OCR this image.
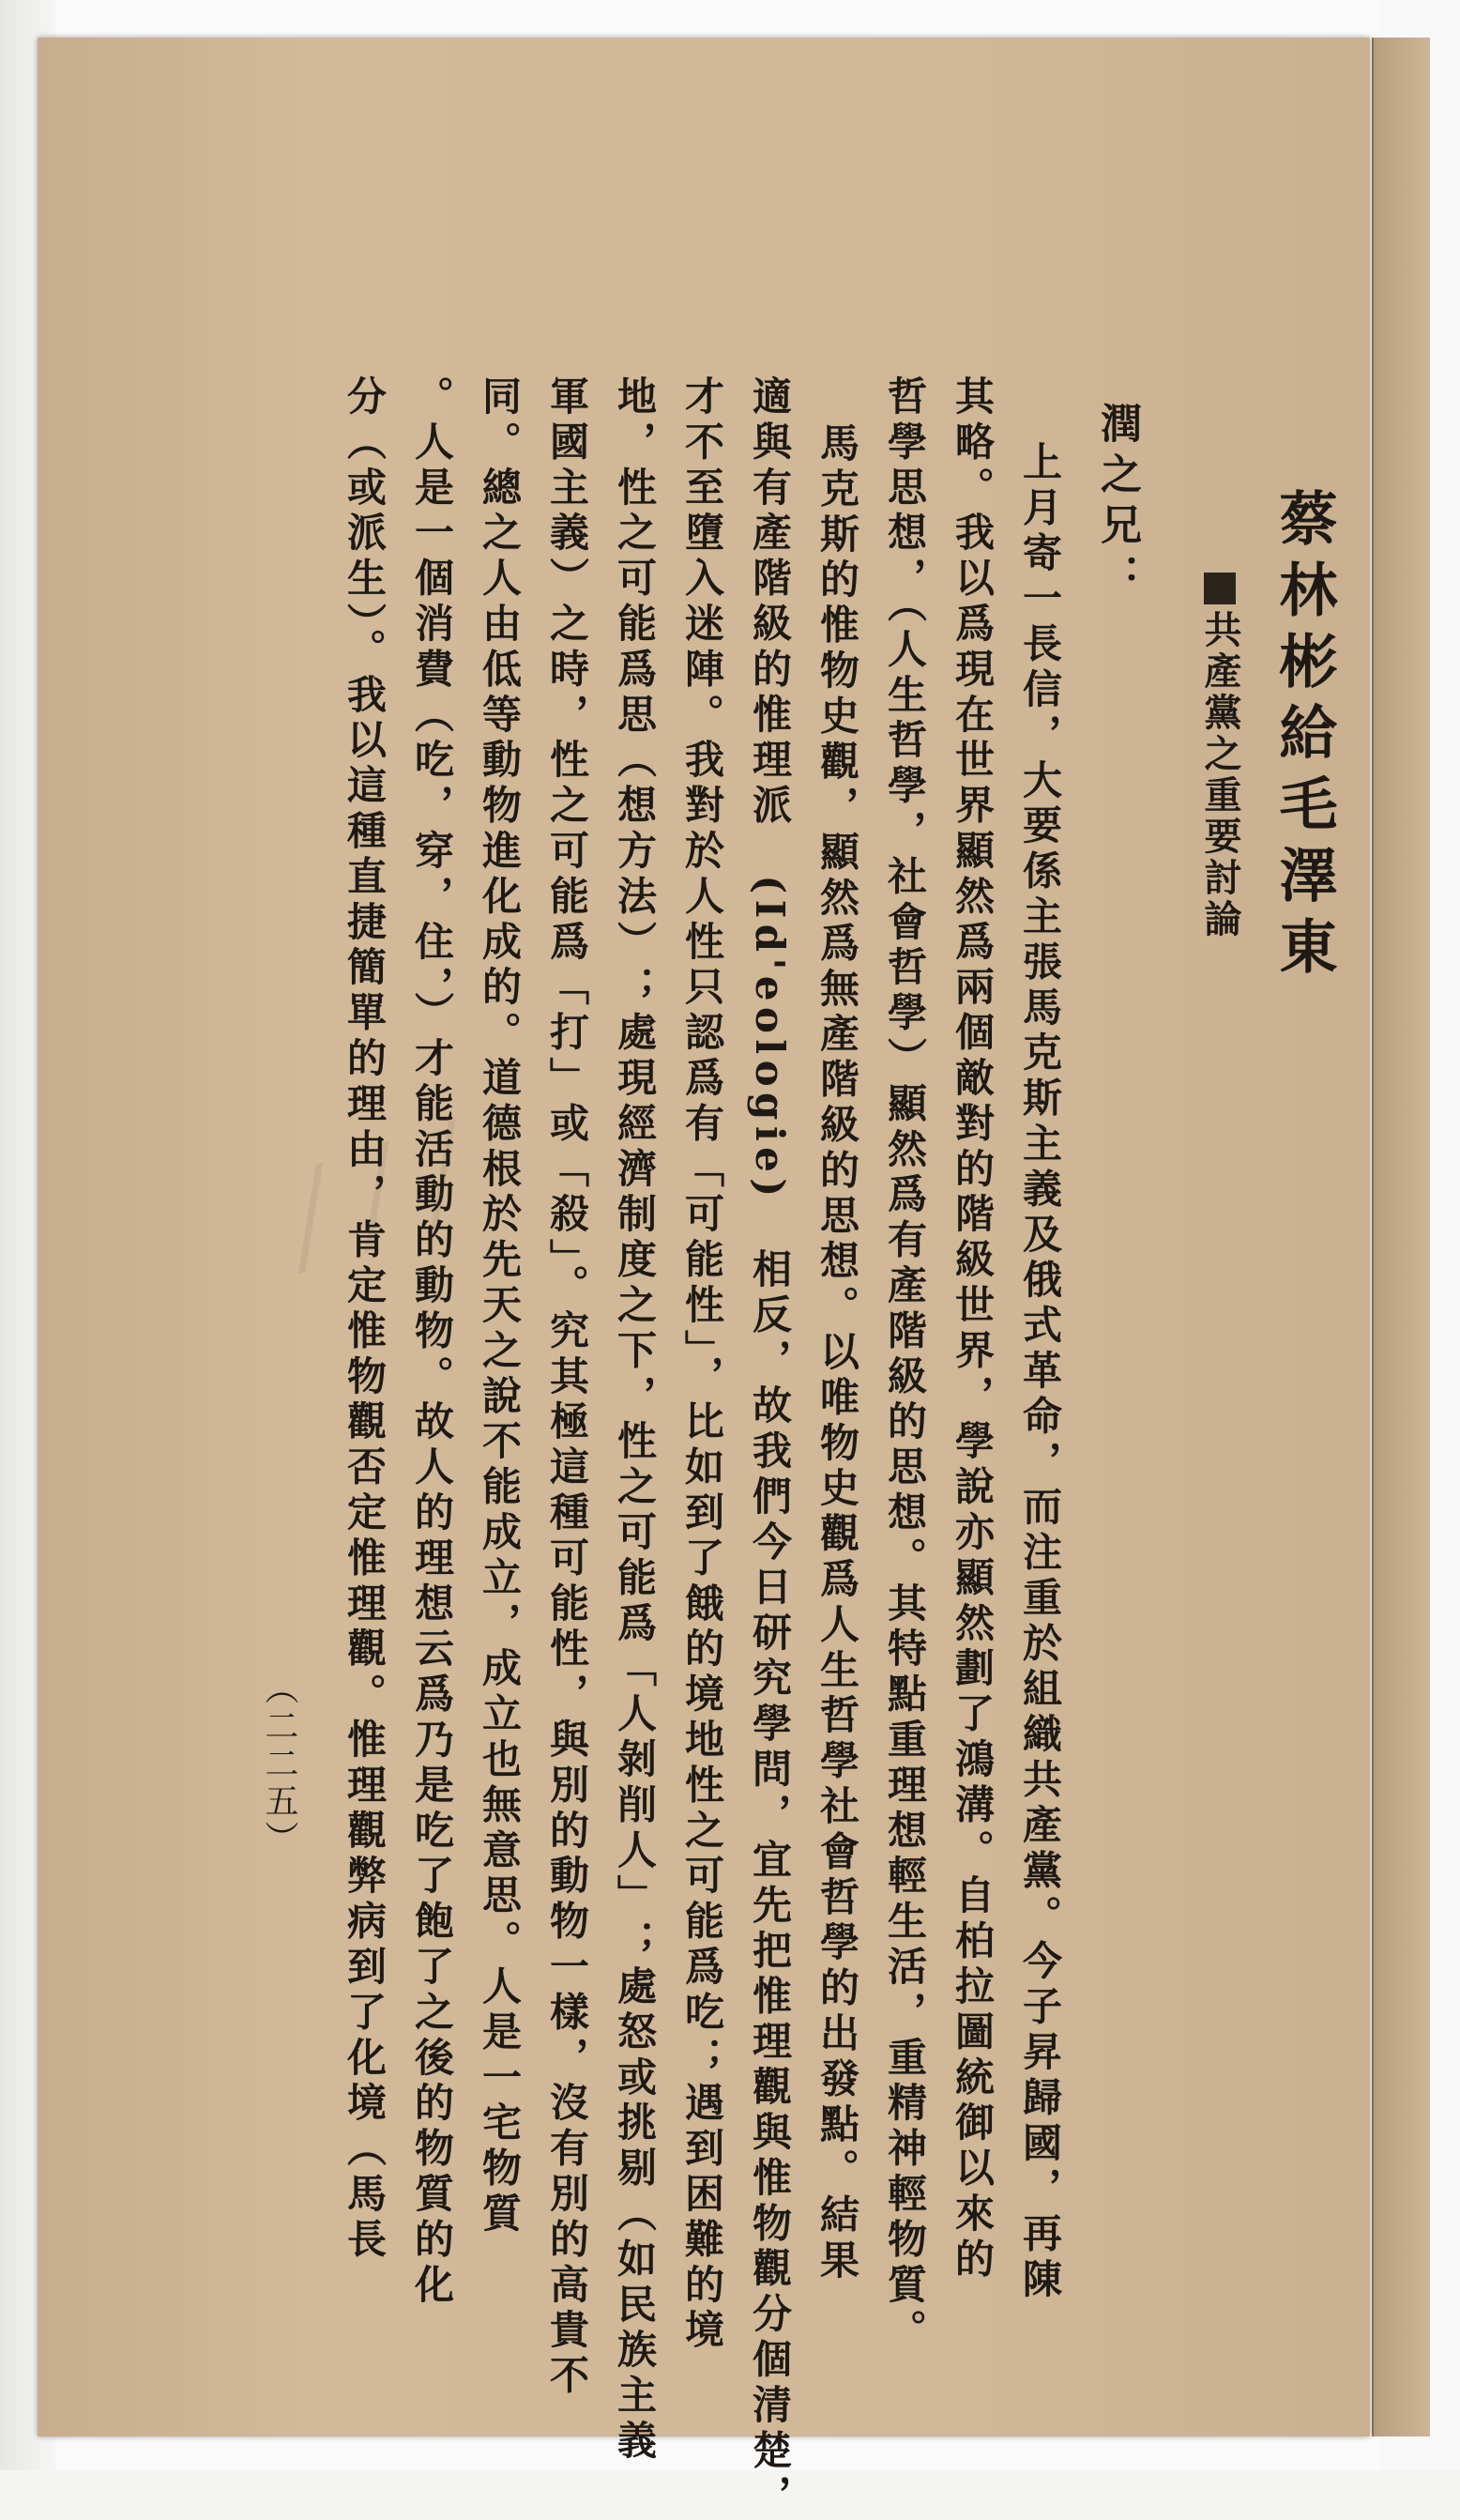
蔡林彬給毛澤東
共產黨之重要討論
潤之兄：
上月寄一長信，大要係主張馬克斯主義及俄式革命，而注重於組織共產黨。今子昇歸國，再陳
其略。我以爲現在世界顯然爲兩個敵對的階級世界，學說亦顯然劃了鴻溝。自柏拉圖統御以來的
哲學思想，（人生哲學，社會哲學）顯然爲有產階級的思想。其特點重理想輕生活，重精神輕物質。
馬克斯的惟物史觀，顯然爲無產階級的思想。以唯物史觀爲人生哲學社會哲學的出發點。結果
適與有產階級的惟理派　(Id'eologie)　相反，故我們今日研究學問，宜先把惟理觀與惟物觀分個清楚，
才不至墮入迷陣。我對於人性只認爲有「可能性」，比如到了餓的境地性之可能爲吃；遇到困難的境
地，性之可能爲思（想方法）；處現經濟制度之下，性之可能爲「人剝削人」；處怒或挑剔（如民族主義
軍國主義）之時，性之可能爲「打」或「殺」。究其極這種可能性，與別的動物一樣，沒有別的高貴不
同。總之人由低等動物進化成的。道德根於先天之說不能成立，成立也無意思。人是一宅物質
。人是一個消費（吃，穿，住，）才能活動的動物。故人的理想云爲乃是吃了飽了之後的物質的化
分（或派生）。我以這種直捷簡單的理由，肯定惟物觀否定惟理觀。惟理觀弊病到了化境（馬長
（二二五）
╱╱╱
